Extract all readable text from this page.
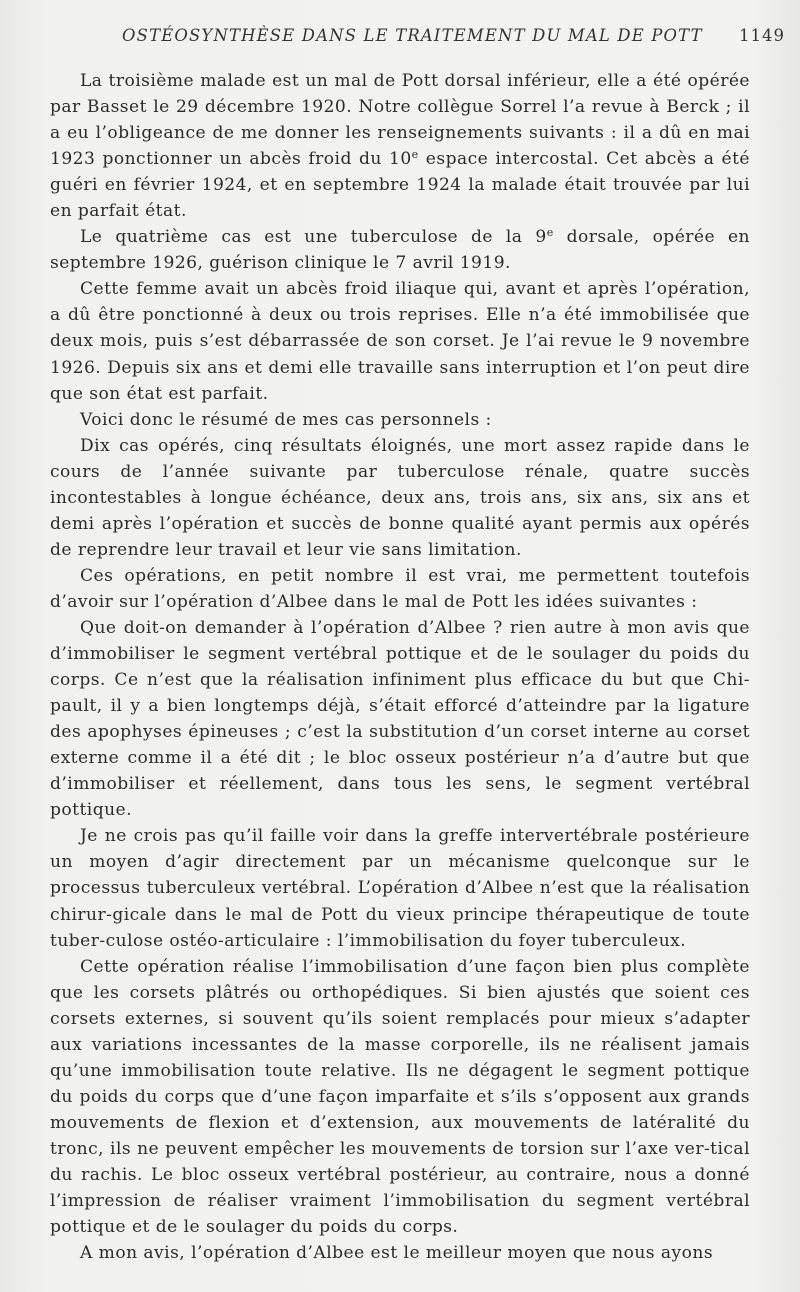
OSTÉOSYNTHÈSE DANS LE TRAITEMENT DU MAL DE POTT 1149

La troisième malade est un mal de Pott dorsal inférieur, elle a été opérée par Basset le 29 décembre 1920. Notre collègue Sorrel l’a revue à Berck ; il a eu l’obligeance de me donner les renseignements suivants : il a dû en mai 1923 ponctionner un abcès froid du 10e espace intercostal. Cet abcès a été guéri en février 1924, et en septembre 1924 la malade était trouvée par lui en parfait état.

Le quatrième cas est une tuberculose de la 9e dorsale, opérée en septembre 1926, guérison clinique le 7 avril 1919.

Cette femme avait un abcès froid iliaque qui, avant et après l’opération, a dû être ponctionné à deux ou trois reprises. Elle n’a été immobilisée que deux mois, puis s’est débarrassée de son corset. Je l’ai revue le 9 novembre 1926. Depuis six ans et demi elle travaille sans interruption et l’on peut dire que son état est parfait.

Voici donc le résumé de mes cas personnels :

Dix cas opérés, cinq résultats éloignés, une mort assez rapide dans le cours de l’année suivante par tuberculose rénale, quatre succès incontestables à longue échéance, deux ans, trois ans, six ans, six ans et demi après l’opération et succès de bonne qualité ayant permis aux opérés de reprendre leur travail et leur vie sans limitation.

Ces opérations, en petit nombre il est vrai, me permettent toutefois d’avoir sur l’opération d’Albee dans le mal de Pott les idées suivantes :

Que doit-on demander à l’opération d’Albee ? rien autre à mon avis que d’immobiliser le segment vertébral pottique et de le soulager du poids du corps. Ce n’est que la réalisation infiniment plus efficace du but que Chi-pault, il y a bien longtemps déjà, s’était efforcé d’atteindre par la ligature des apophyses épineuses ; c’est la substitution d’un corset interne au corset externe comme il a été dit ; le bloc osseux postérieur n’a d’autre but que d’immobiliser et réellement, dans tous les sens, le segment vertébral pottique.

Je ne crois pas qu’il faille voir dans la greffe intervertébrale postérieure un moyen d’agir directement par un mécanisme quelconque sur le processus tuberculeux vertébral. L’opération d’Albee n’est que la réalisation chirur-gicale dans le mal de Pott du vieux principe thérapeutique de toute tuber-culose ostéo-articulaire : l’immobilisation du foyer tuberculeux.

Cette opération réalise l’immobilisation d’une façon bien plus complète que les corsets plâtrés ou orthopédiques. Si bien ajustés que soient ces corsets externes, si souvent qu’ils soient remplacés pour mieux s’adapter aux variations incessantes de la masse corporelle, ils ne réalisent jamais qu’une immobilisation toute relative. Ils ne dégagent le segment pottique du poids du corps que d’une façon imparfaite et s’ils s’opposent aux grands mouvements de flexion et d’extension, aux mouvements de latéralité du tronc, ils ne peuvent empêcher les mouvements de torsion sur l’axe ver-tical du rachis. Le bloc osseux vertébral postérieur, au contraire, nous a donné l’impression de réaliser vraiment l’immobilisation du segment vertébral pottique et de le soulager du poids du corps.

A mon avis, l’opération d’Albee est le meilleur moyen que nous ayons
